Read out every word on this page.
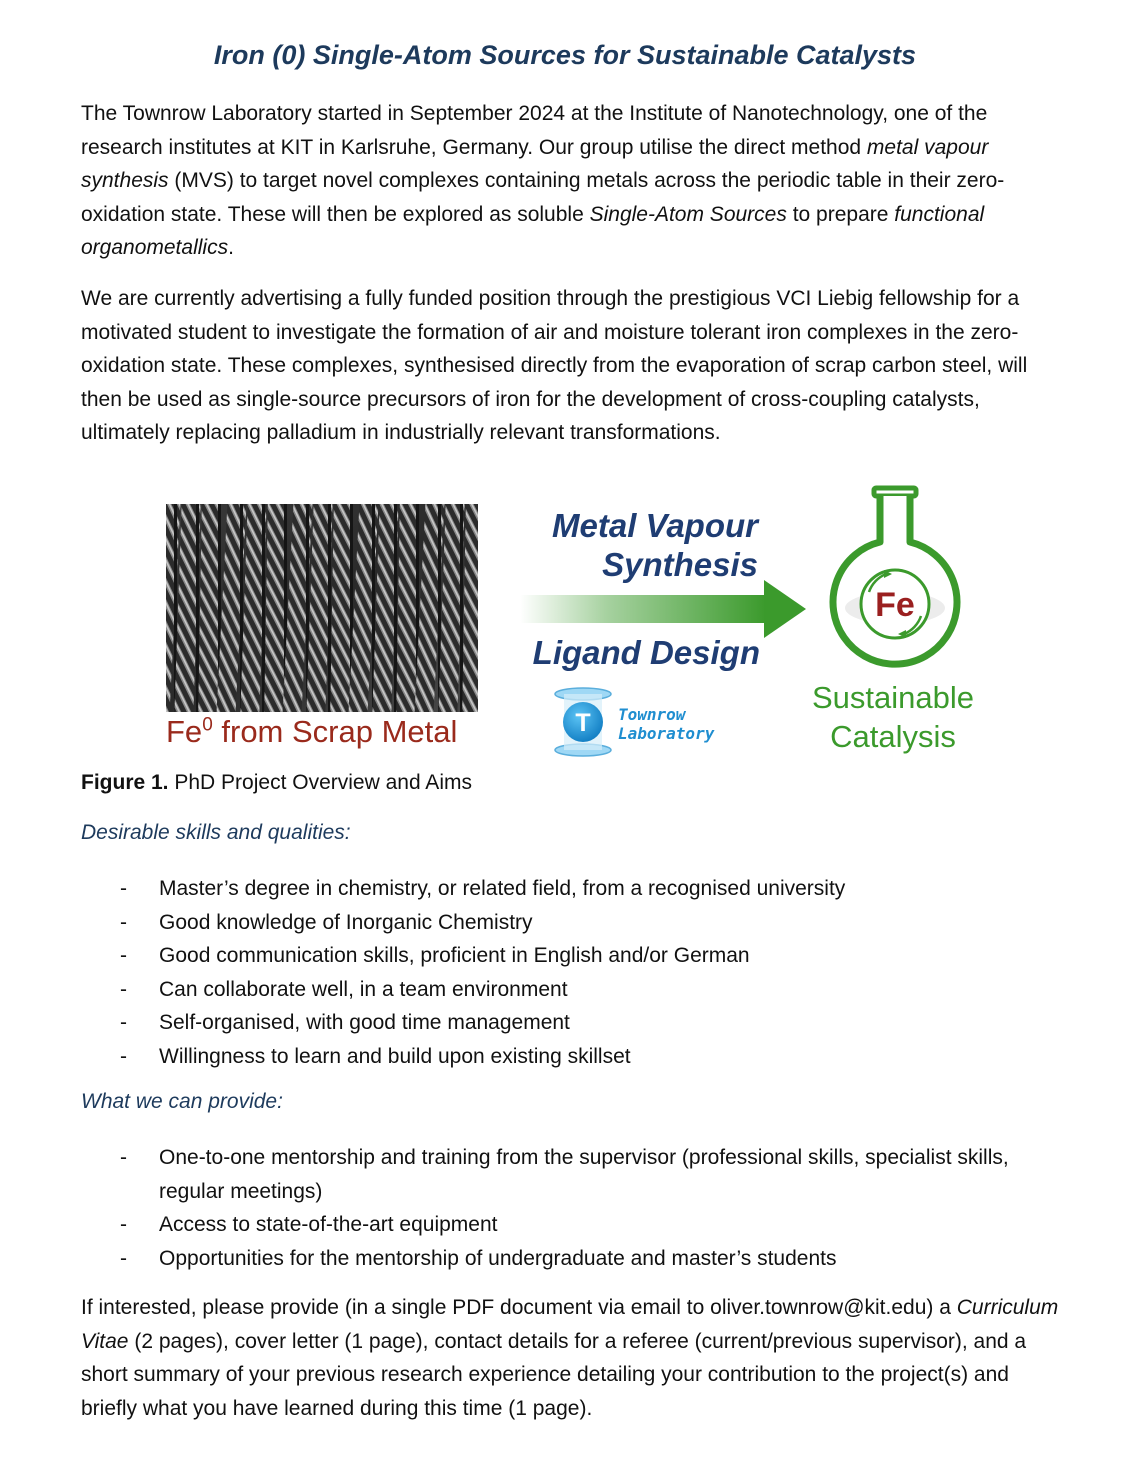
Iron (0) Single-Atom Sources for Sustainable Catalysts

The Townrow Laboratory started in September 2024 at the Institute of Nanotechnology, one of the research institutes at KIT in Karlsruhe, Germany. Our group utilise the direct method metal vapour synthesis (MVS) to target novel complexes containing metals across the periodic table in their zero-oxidation state. These will then be explored as soluble Single-Atom Sources to prepare functional organometallics.

We are currently advertising a fully funded position through the prestigious VCI Liebig fellowship for a motivated student to investigate the formation of air and moisture tolerant iron complexes in the zero-oxidation state. These complexes, synthesised directly from the evaporation of scrap carbon steel, will then be used as single-source precursors of iron for the development of cross-coupling catalysts, ultimately replacing palladium in industrially relevant transformations.

Fe$^0$ from Scrap Metal
Metal Vapour
Synthesis
Ligand Design
T Townrow
Laboratory
Fe
Sustainable
Catalysis

Figure 1. PhD Project Overview and Aims

Desirable skills and qualities:

- Master’s degree in chemistry, or related field, from a recognised university
- Good knowledge of Inorganic Chemistry
- Good communication skills, proficient in English and/or German
- Can collaborate well, in a team environment
- Self-organised, with good time management
- Willingness to learn and build upon existing skillset

What we can provide:

- One-to-one mentorship and training from the supervisor (professional skills, specialist skills, regular meetings)
- Access to state-of-the-art equipment
- Opportunities for the mentorship of undergraduate and master’s students

If interested, please provide (in a single PDF document via email to oliver.townrow@kit.edu) a Curriculum Vitae (2 pages), cover letter (1 page), contact details for a referee (current/previous supervisor), and a short summary of your previous research experience detailing your contribution to the project(s) and briefly what you have learned during this time (1 page).
